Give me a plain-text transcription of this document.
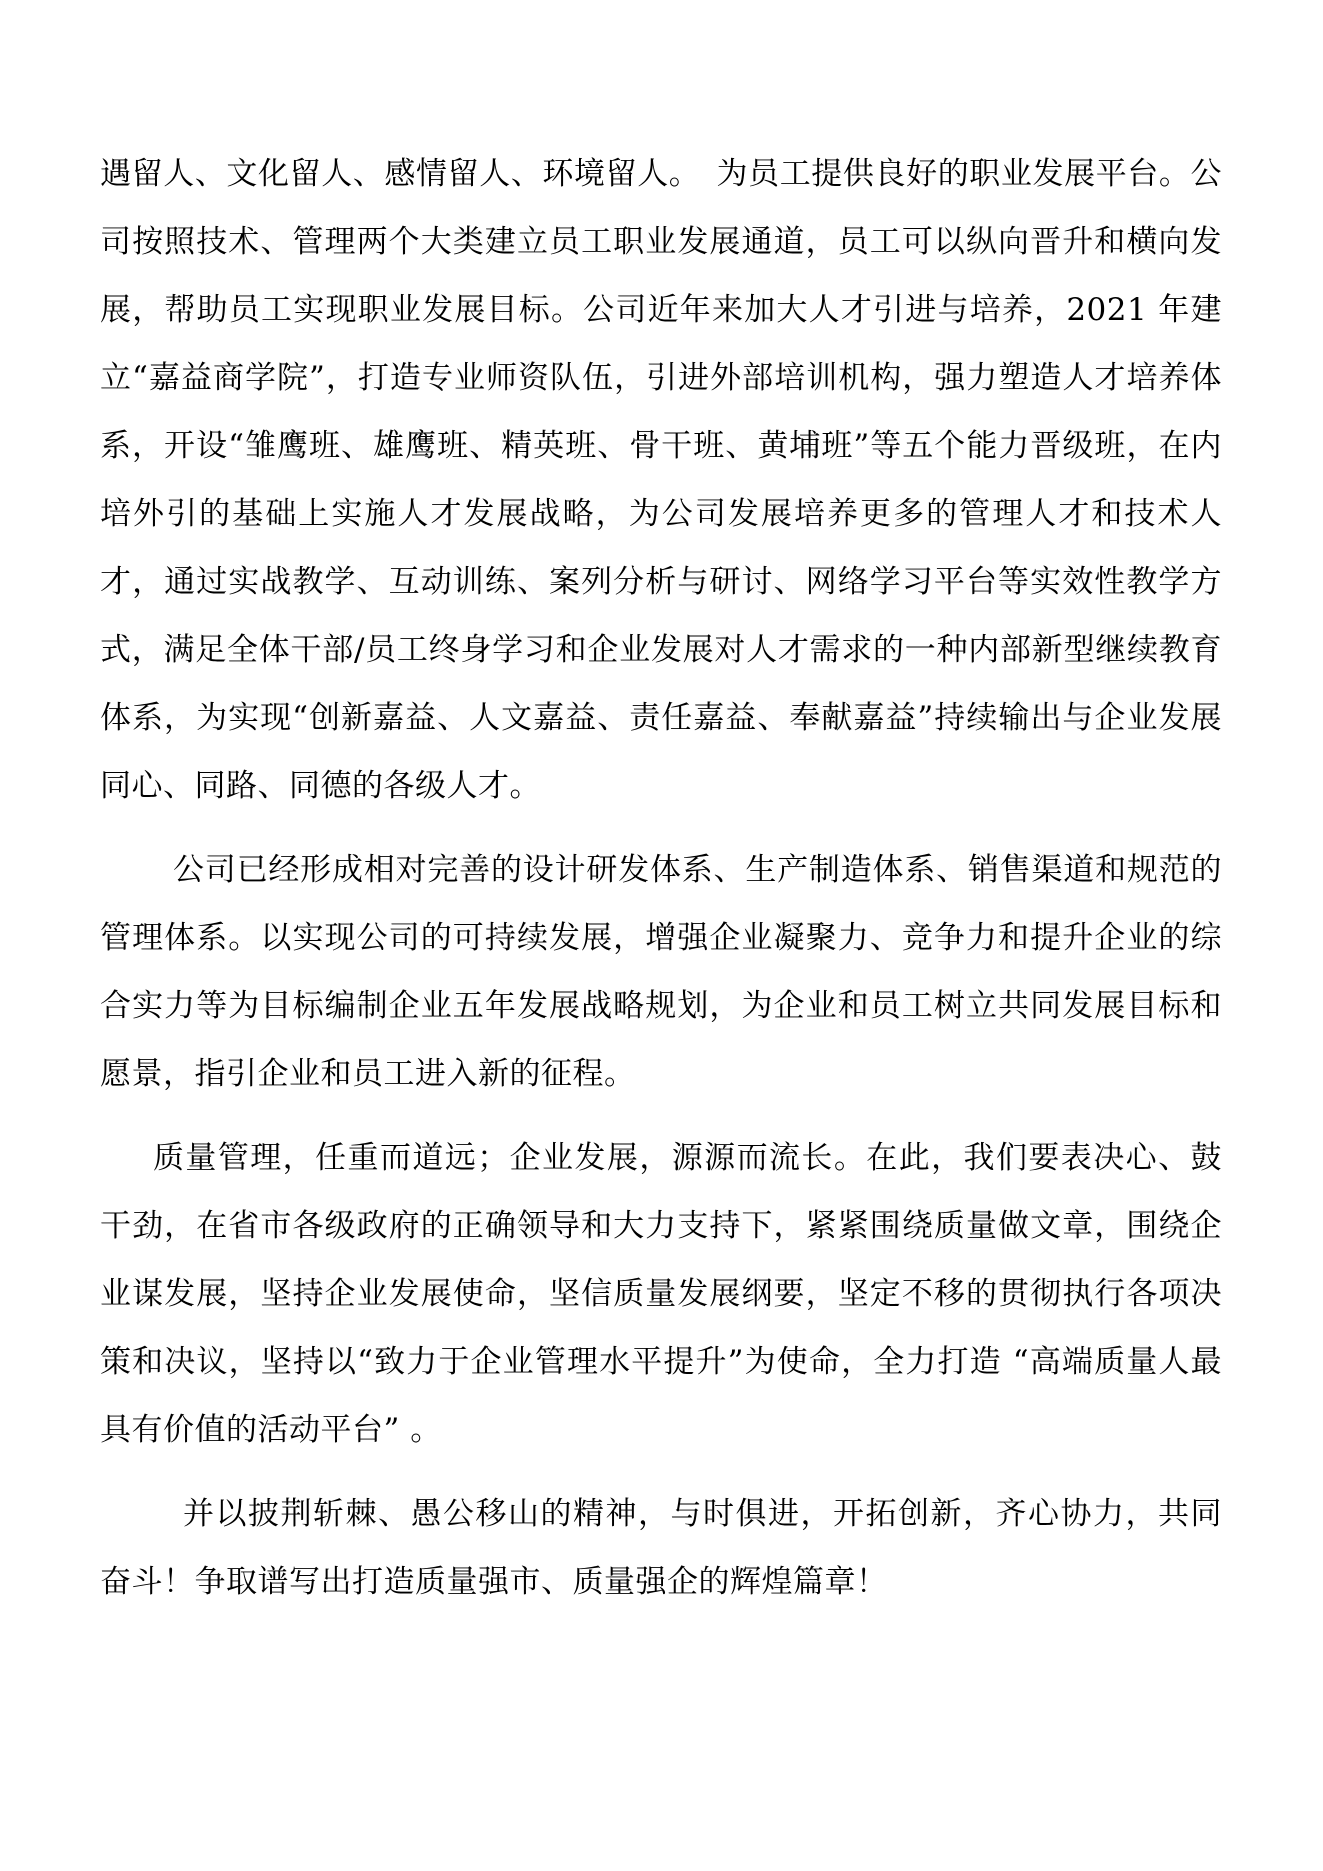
遇留人、文化留人、感情留人、环境留人。　为员工提供良好的职业发展平台。公司按照技术、管理两个大类建立员工职业发展通道，员工可以纵向晋升和横向发展，帮助员工实现职业发展目标。公司近年来加大人才引进与培养，2021 年建立“嘉益商学院”，打造专业师资队伍，引进外部培训机构，强力塑造人才培养体系，开设“雏鹰班、雄鹰班、精英班、骨干班、黄埔班”等五个能力晋级班，在内培外引的基础上实施人才发展战略，为公司发展培养更多的管理人才和技术人才，通过实战教学、互动训练、案列分析与研讨、网络学习平台等实效性教学方式，满足全体干部/员工终身学习和企业发展对人才需求的一种内部新型继续教育体系，为实现“创新嘉益、人文嘉益、责任嘉益、奉献嘉益”持续输出与企业发展同心、同路、同德的各级人才。

公司已经形成相对完善的设计研发体系、生产制造体系、销售渠道和规范的管理体系。以实现公司的可持续发展，增强企业凝聚力、竞争力和提升企业的综合实力等为目标编制企业五年发展战略规划，为企业和员工树立共同发展目标和愿景，指引企业和员工进入新的征程。

质量管理，任重而道远；企业发展，源源而流长。在此，我们要表决心、鼓干劲，在省市各级政府的正确领导和大力支持下，紧紧围绕质量做文章，围绕企业谋发展，坚持企业发展使命，坚信质量发展纲要，坚定不移的贯彻执行各项决策和决议，坚持以“致力于企业管理水平提升”为使命，全力打造 “高端质量人最具有价值的活动平台” 。

并以披荆斩棘、愚公移山的精神，与时俱进，开拓创新，齐心协力，共同奋斗！争取谱写出打造质量强市、质量强企的辉煌篇章！
